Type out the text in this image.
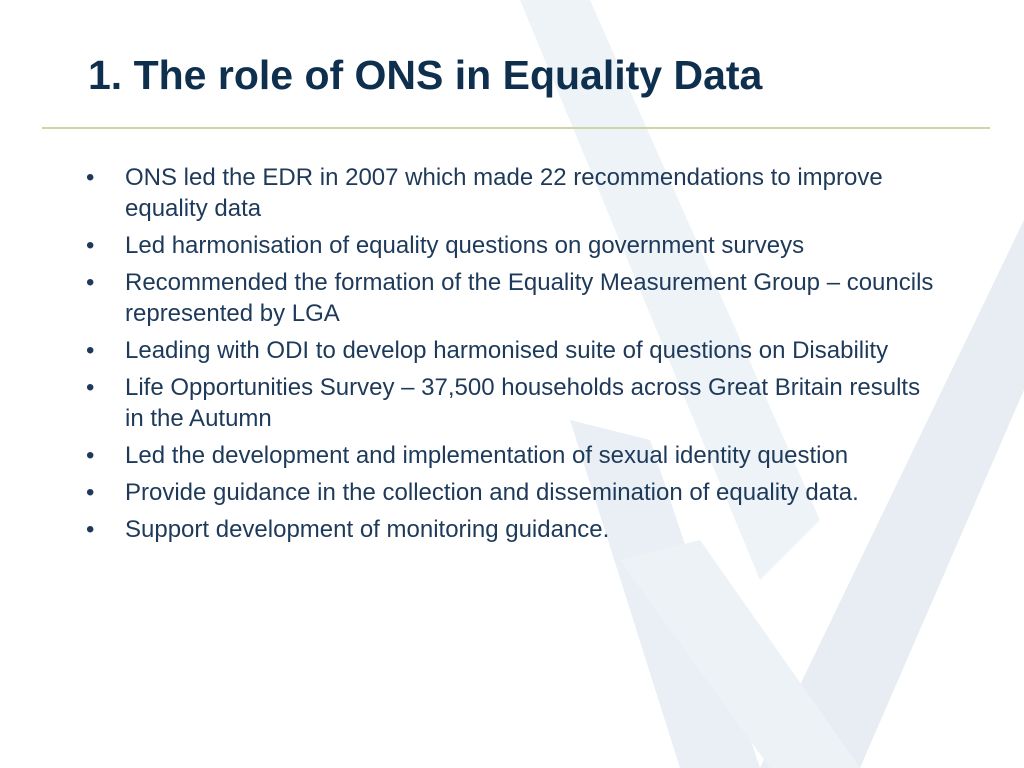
1. The role of ONS in Equality Data
•	ONS led the EDR in 2007 which made 22 recommendations to improve equality data
•	Led harmonisation of equality questions on government surveys
•	Recommended the formation of the Equality Measurement Group – councils represented by LGA
•	Leading with ODI to develop harmonised suite of questions on Disability
•	Life Opportunities Survey – 37,500 households across Great Britain results in the Autumn
•	Led the development and implementation of sexual identity question
•	Provide guidance in the collection and dissemination of equality data.
•	Support development of monitoring guidance.
